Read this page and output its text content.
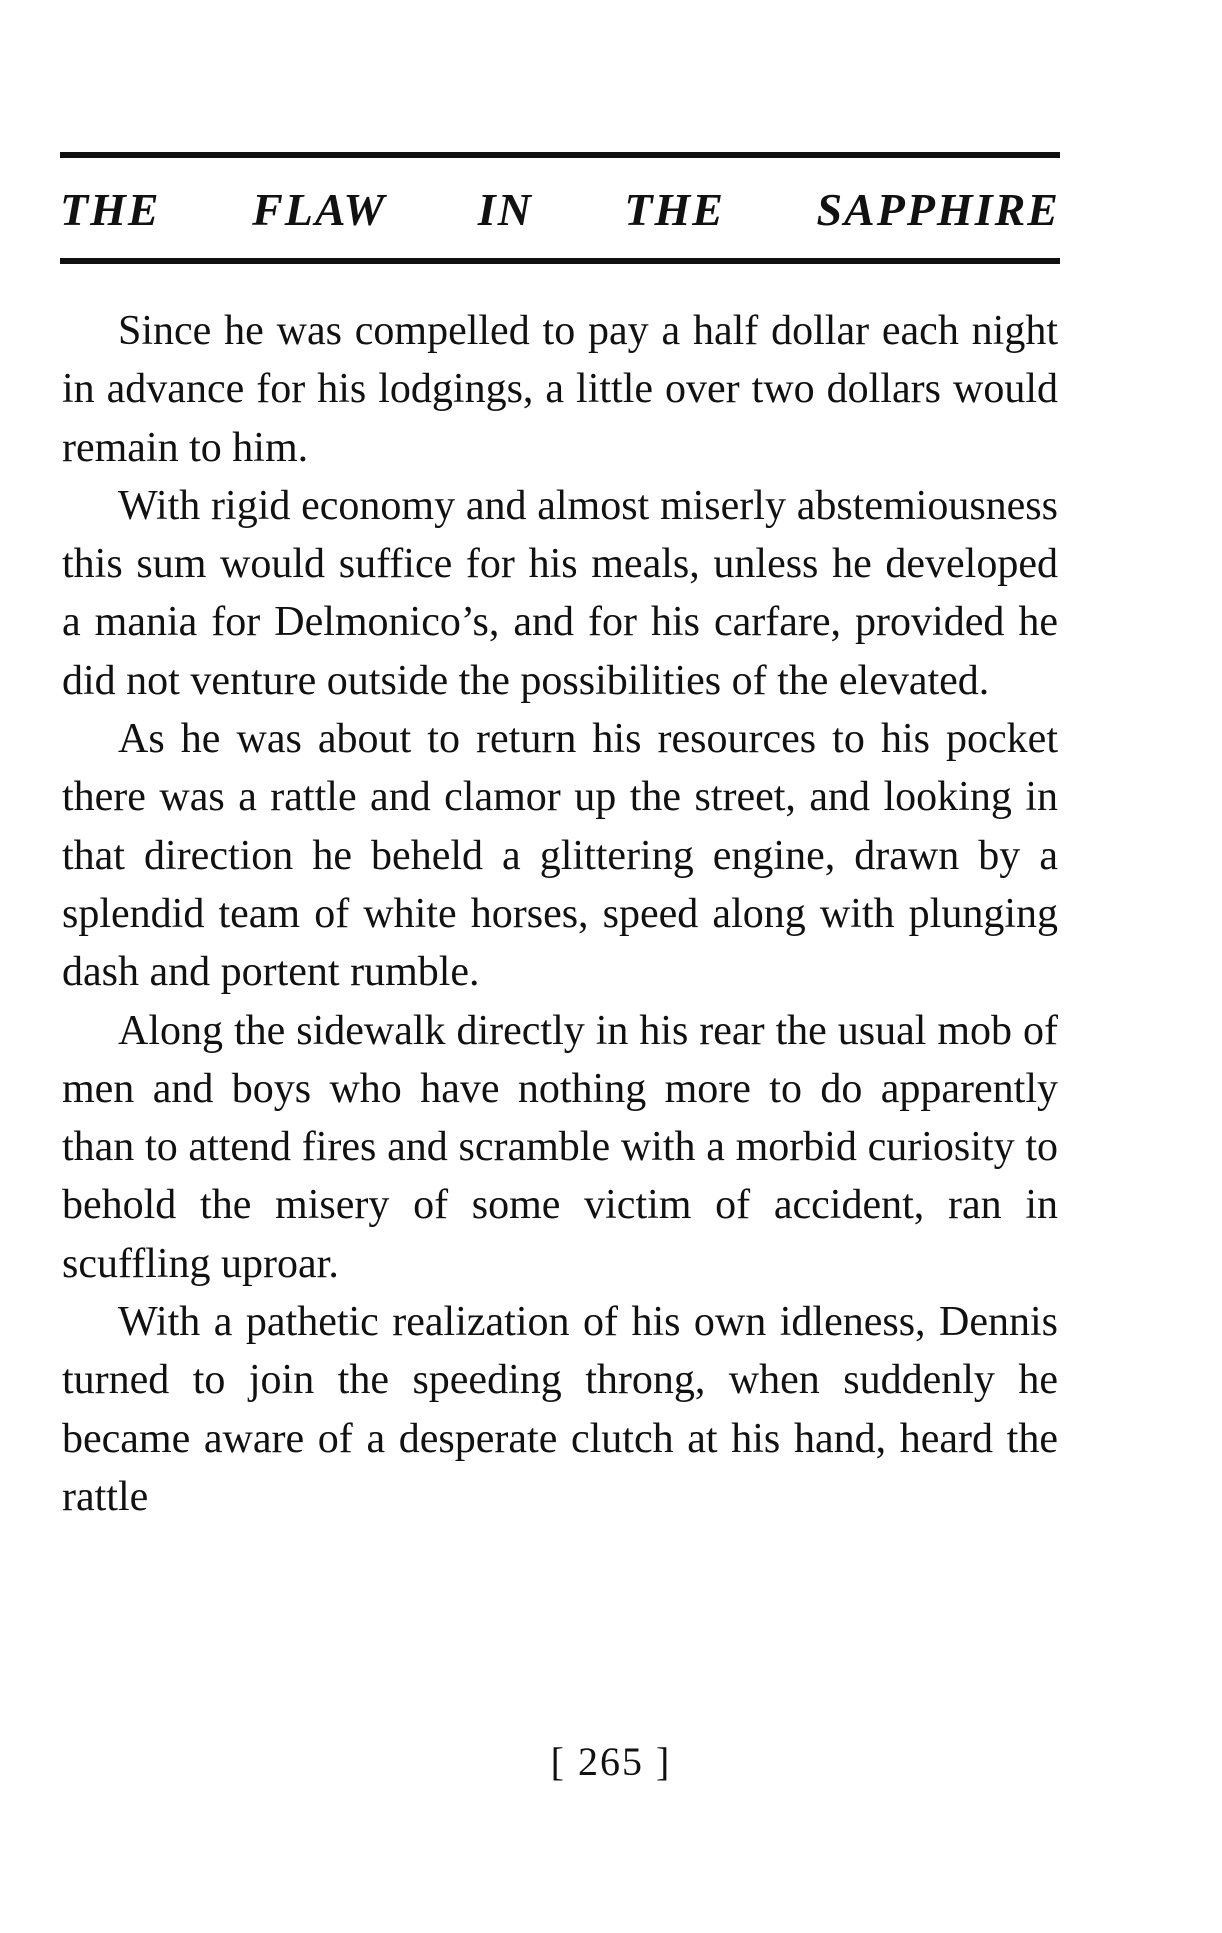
THE FLAW IN THE SAPPHIRE

Since he was compelled to pay a half dollar each night in advance for his lodgings, a little over two dollars would remain to him.

With rigid economy and almost miserly abstemiousness this sum would suffice for his meals, unless he developed a mania for Delmonico’s, and for his carfare, provided he did not venture outside the possibilities of the elevated.

As he was about to return his resources to his pocket there was a rattle and clamor up the street, and looking in that direction he beheld a glittering engine, drawn by a splendid team of white horses, speed along with plunging dash and portent rumble.

Along the sidewalk directly in his rear the usual mob of men and boys who have nothing more to do apparently than to attend fires and scramble with a morbid curiosity to behold the misery of some victim of accident, ran in scuffling uproar.

With a pathetic realization of his own idleness, Dennis turned to join the speeding throng, when suddenly he became aware of a desperate clutch at his hand, heard the rattle

[ 265 ]
